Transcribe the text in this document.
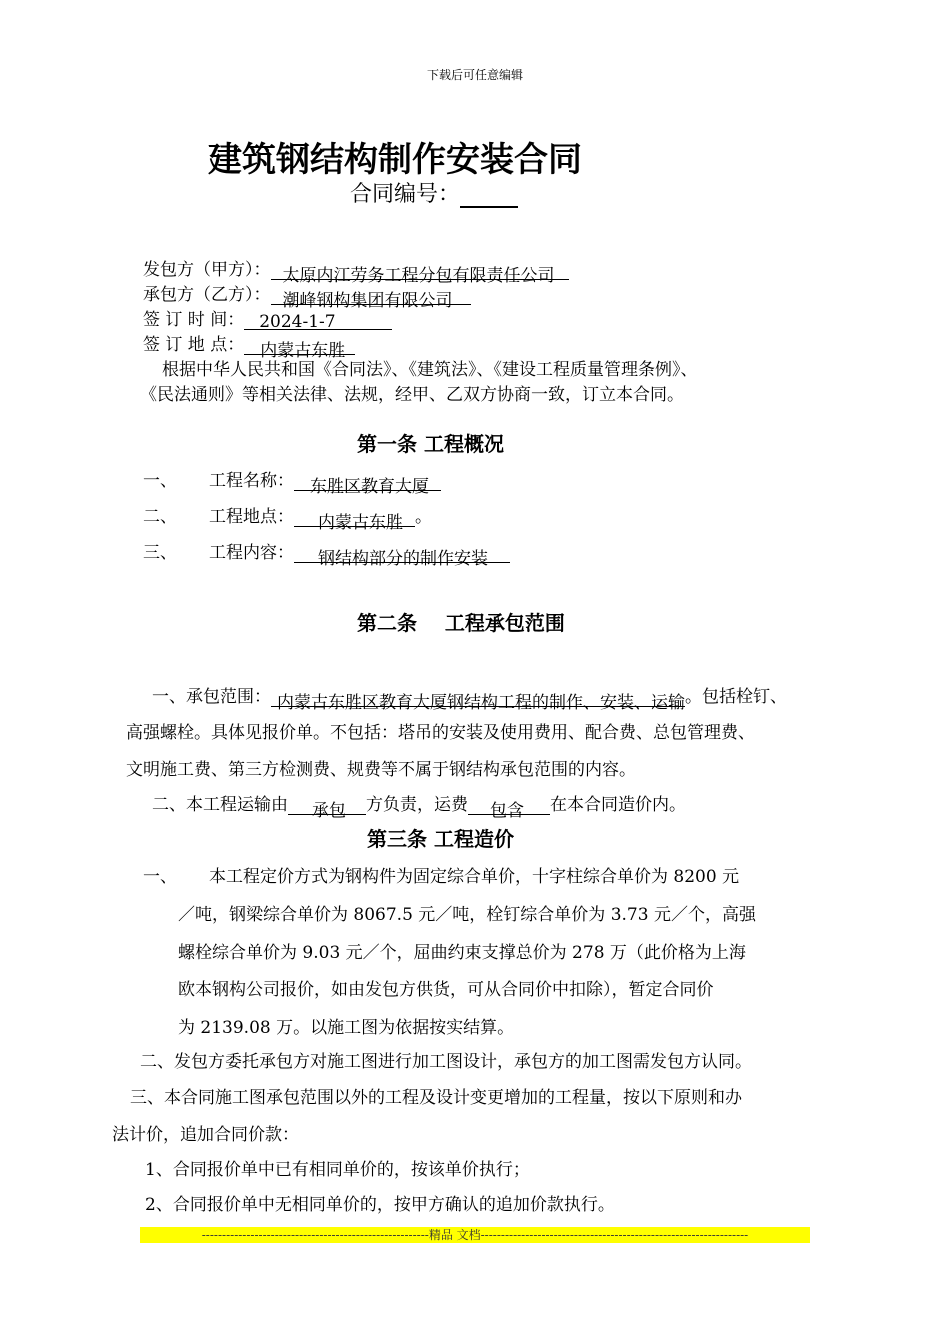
下载后可任意编辑
建筑钢结构制作安装合同
合同编号：
发包方（甲方）： 太原内江劳务工程分包有限责任公司
承包方（乙方）： 潮峰钢构集团有限公司
签 订 时 间： 2024-1-7
签 订 地 点： 内蒙古东胜
根据中华人民共和国《合同法》、《建筑法》、《建设工程质量管理条例》、
《民法通则》等相关法律、法规，经甲、乙双方协商一致，订立本合同。
第一条 工程概况
一、 工程名称： 东胜区教育大厦
二、 工程地点： 内蒙古东胜 。
三、 工程内容： 钢结构部分的制作安装
第二条    工程承包范围
一、承包范围： 内蒙古东胜区教育大厦钢结构工程的制作、安装、运输。包括栓钉、
高强螺栓。具体见报价单。不包括：塔吊的安装及使用费用、配合费、总包管理费、
文明施工费、第三方检测费、规费等不属于钢结构承包范围的内容。
二、本工程运输由 承包 方负责，运费 包含 在本合同造价内。
第三条 工程造价
一、 本工程定价方式为钢构件为固定综合单价，十字柱综合单价为 8200 元
／吨，钢梁综合单价为 8067.5 元／吨，栓钉综合单价为 3.73 元／个，高强
螺栓综合单价为 9.03 元／个，屈曲约束支撑总价为 278 万（此价格为上海
欧本钢构公司报价，如由发包方供货，可从合同价中扣除），暂定合同价
为 2139.08 万。以施工图为依据按实结算。
二、发包方委托承包方对施工图进行加工图设计，承包方的加工图需发包方认同。
三、本合同施工图承包范围以外的工程及设计变更增加的工程量，按以下原则和办
法计价，追加合同价款：
1、合同报价单中已有相同单价的，按该单价执行；
2、合同报价单中无相同单价的，按甲方确认的追加价款执行。
--------------------------------------------------------精品 文档------------------------------------------------------------------
